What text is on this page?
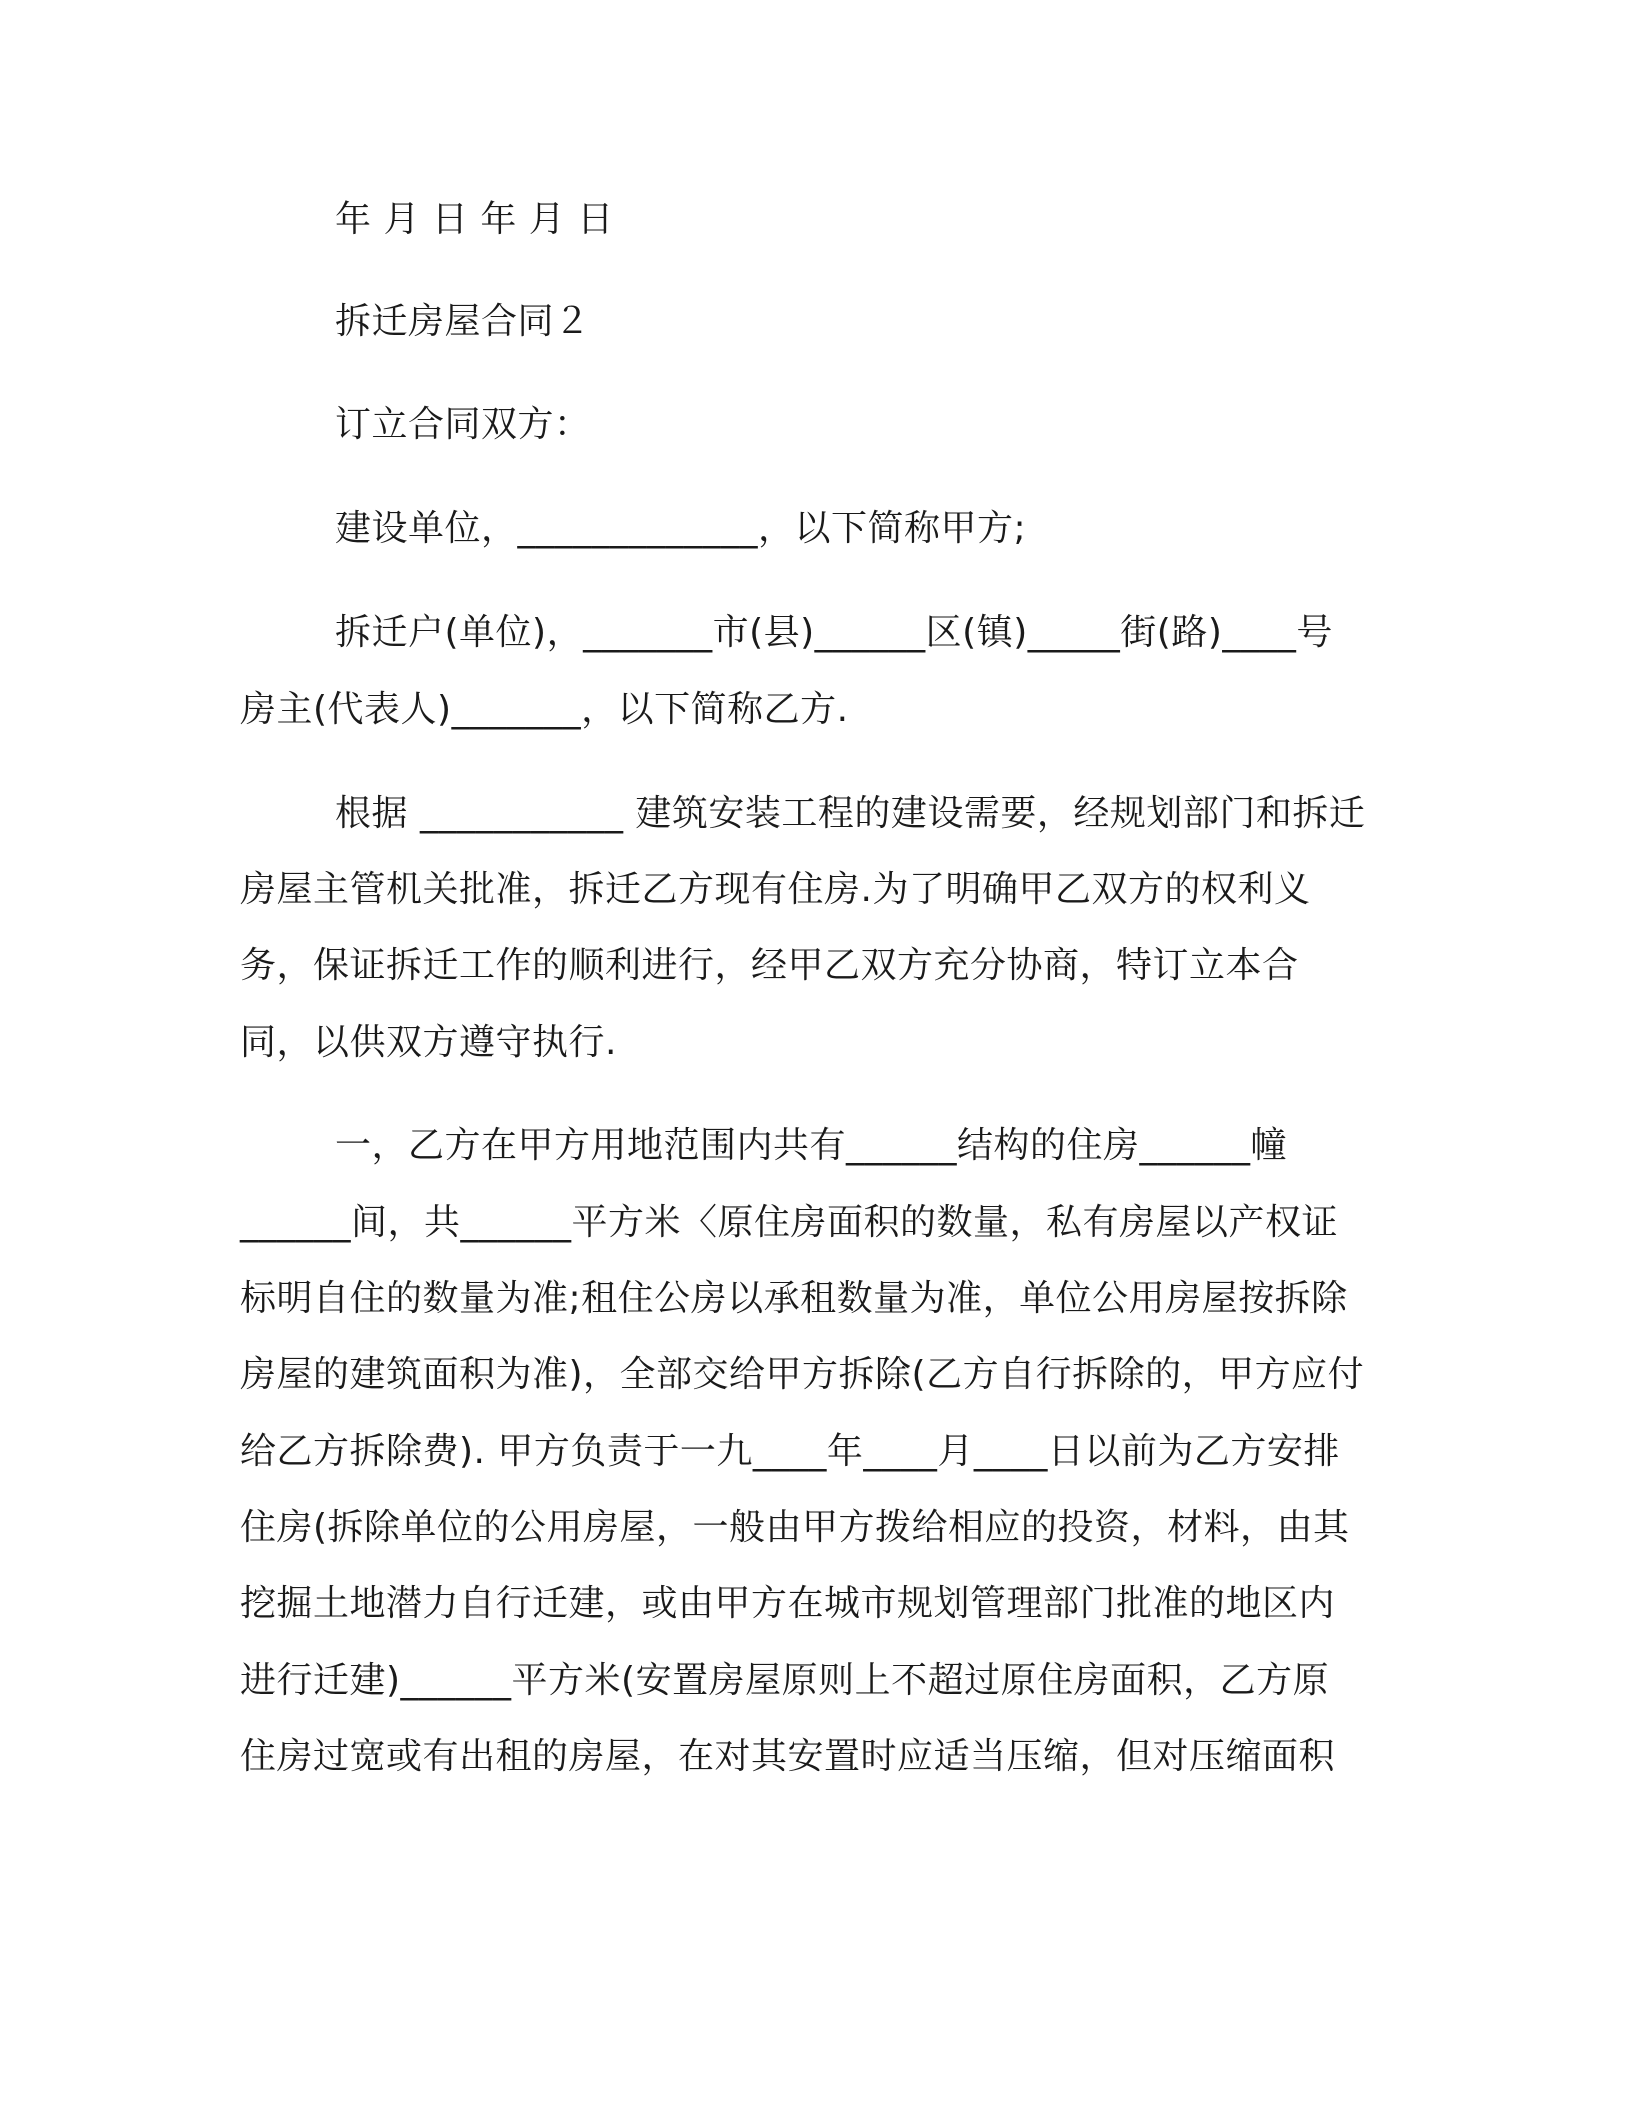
年 月 日 年 月 日
拆迁房屋合同２
订立合同双方：
建设单位，_____________，以下简称甲方;
拆迁户(单位)，_______市(县)______区(镇)_____街(路)____号
房主(代表人)_______，以下简称乙方.
根据 ___________ 建筑安装工程的建设需要，经规划部门和拆迁
房屋主管机关批准，拆迁乙方现有住房.为了明确甲乙双方的权利义
务，保证拆迁工作的顺利进行，经甲乙双方充分协商，特订立本合
同，以供双方遵守执行.
一，乙方在甲方用地范围内共有______结构的住房______幢
______间，共______平方米〈原住房面积的数量，私有房屋以产权证
标明自住的数量为准;租住公房以承租数量为准，单位公用房屋按拆除
房屋的建筑面积为准)，全部交给甲方拆除(乙方自行拆除的，甲方应付
给乙方拆除费). 甲方负责于一九____年____月____日以前为乙方安排
住房(拆除单位的公用房屋，一般由甲方拨给相应的投资，材料，由其
挖掘土地潜力自行迁建，或由甲方在城市规划管理部门批准的地区内
进行迁建)______平方米(安置房屋原则上不超过原住房面积，乙方原
住房过宽或有出租的房屋，在对其安置时应适当压缩，但对压缩面积
